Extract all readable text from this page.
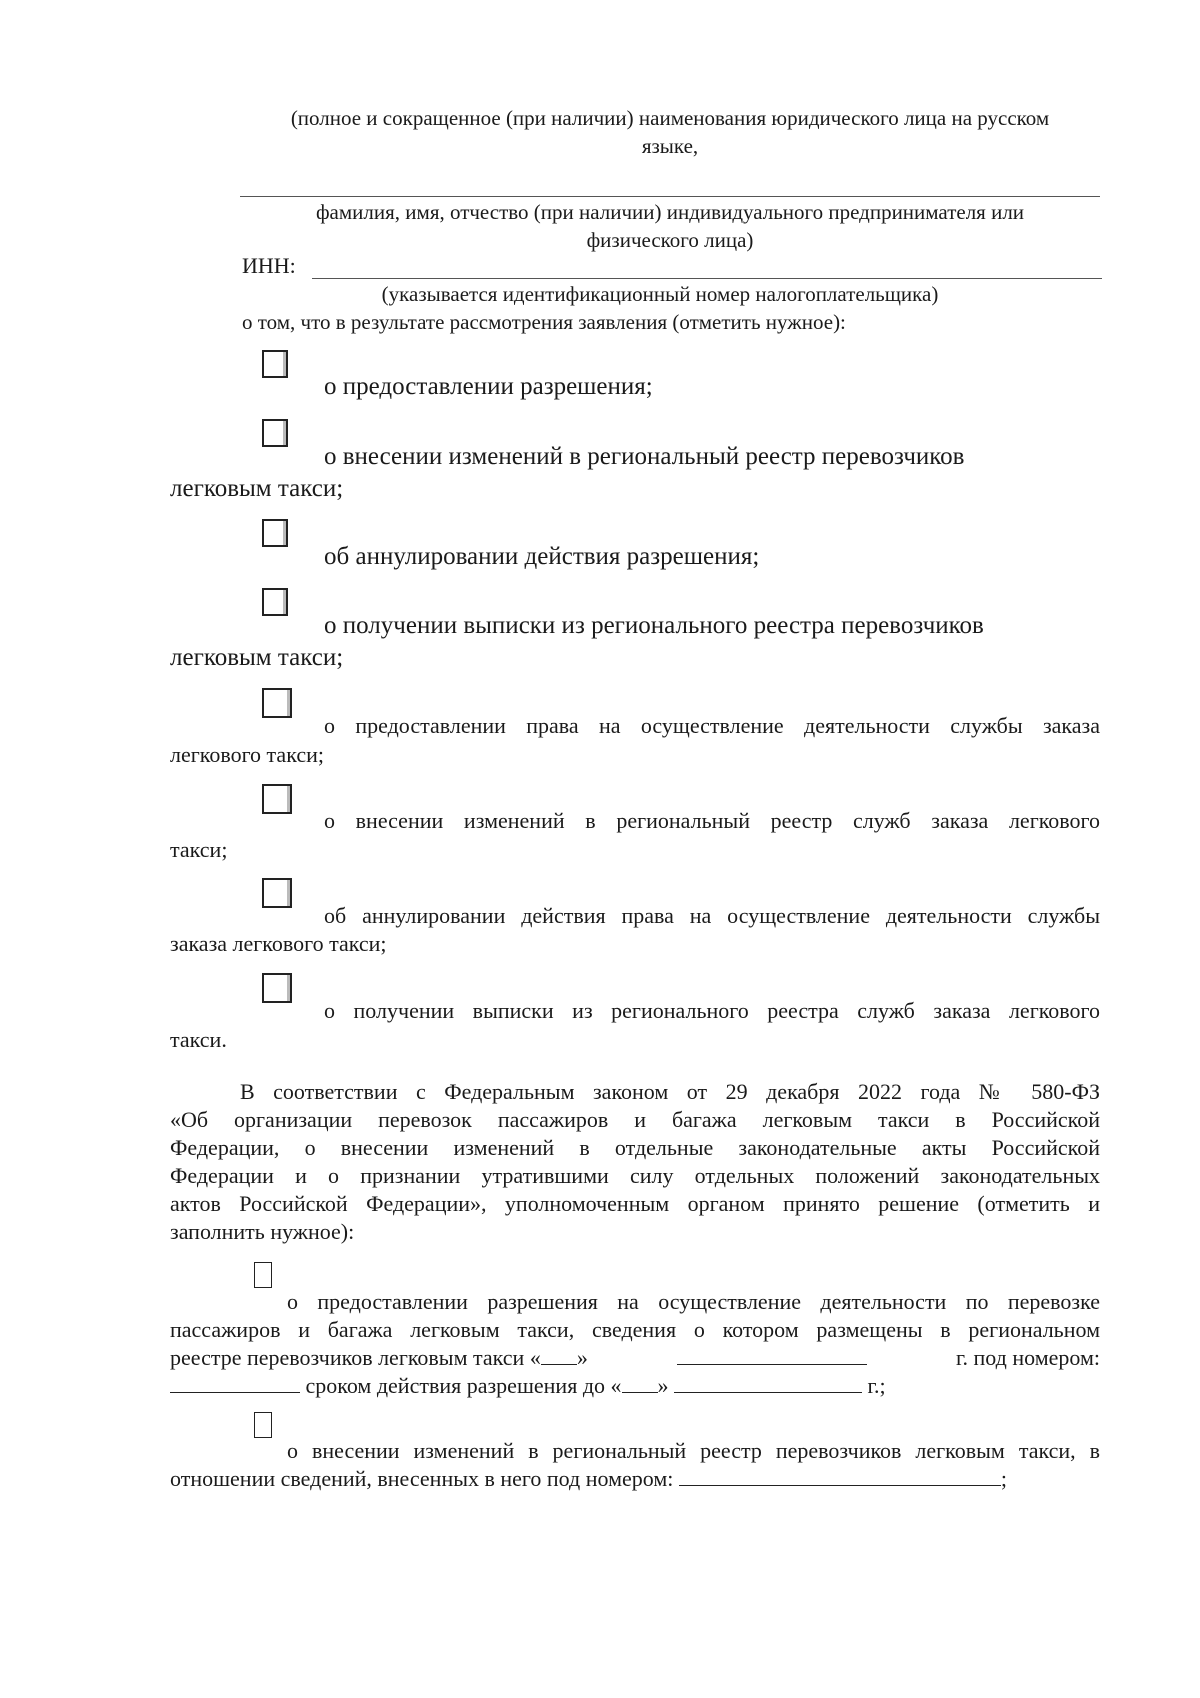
(полное и сокращенное (при наличии) наименования юридического лица на русском
языке,
фамилия, имя, отчество (при наличии) индивидуального предпринимателя или
физического лица)
ИНН:
(указывается идентификационный номер налогоплательщика)
о том, что в результате рассмотрения заявления (отметить нужное):
о предоставлении разрешения;
о внесении изменений в региональный реестр перевозчиков
легковым такси;
об аннулировании действия разрешения;
о получении выписки из регионального реестра перевозчиков
легковым такси;
о предоставлении права на осуществление деятельности службы заказа
легкового такси;
о внесении изменений в региональный реестр служб заказа легкового
такси;
об аннулировании действия права на осуществление деятельности службы
заказа легкового такси;
о получении выписки из регионального реестра служб заказа легкового
такси.
В соответствии с Федеральным законом от 29 декабря 2022 года № 580-ФЗ
«Об организации перевозок пассажиров и багажа легковым такси в Российской
Федерации, о внесении изменений в отдельные законодательные акты Российской
Федерации и о признании утратившими силу отдельных положений законодательных
актов Российской Федерации», уполномоченным органом принято решение (отметить и
заполнить нужное):
о предоставлении разрешения на осуществление деятельности по перевозке
пассажиров и багажа легковым такси, сведения о котором размещены в региональном
реестре перевозчиков легковым такси « »	г. под номером:
сроком действия разрешения до « »	г.;
о внесении изменений в региональный реестр перевозчиков легковым такси, в
отношении сведений, внесенных в него под номером:	;
